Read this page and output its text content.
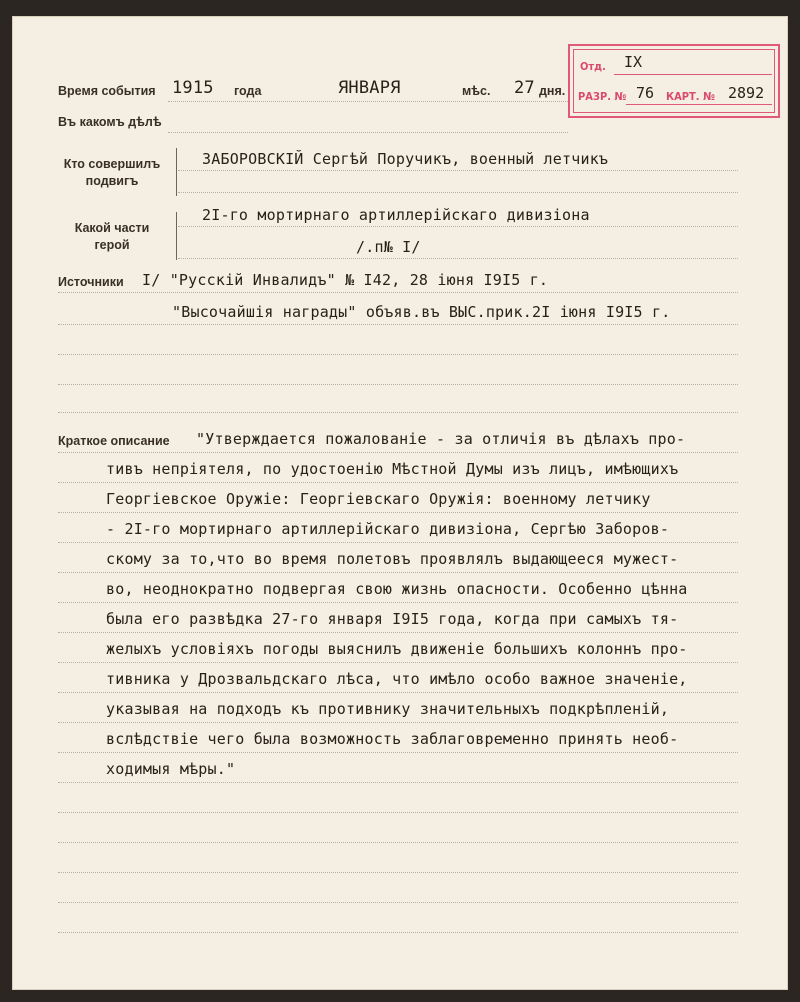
Время события 1915 года	ЯНВАРЯ	мѣс. 27 дня.
Въ какомъ дѣлѣ
Кто совершилъ подвигъ
ЗАБОРОВСКIЙ Сергѣй Поручикъ, военный летчикъ
Какой части герой
2I-го мортирнаго артиллерiйскаго дивизiона
/.п№ I/
Источники I/ "Русскiй Инвалидъ" № I42, 28 iюня I9I5 г.
"Высочайшiя награды" объяв.въ ВЫС.прик.2I iюня I9I5 г.
Краткое описание "Утверждается пожалованiе - за отличiя въ дѣлахъ про-
тивъ непрiятеля, по удостоенiю Мѣстной Думы изъ лицъ, имѣющихъ
Георгiевское Оружiе: Георгiевскаго Оружiя: военному летчику
- 2I-го мортирнаго артиллерiйскаго дивизiона, Сергѣю Заборов-
скому за то,что во время полетовъ проявлялъ выдающееся мужест-
во, неоднократно подвергая свою жизнь опасности. Особенно цѣнна
была его развѣдка 27-го января I9I5 года, когда при самыхъ тя-
желыхъ условiяхъ погоды выяснилъ движенiе большихъ колоннъ про-
тивника у Дрозвальдскаго лѣса, что имѣло особо важное значенiе,
указывая на подходъ къ противнику значительныхъ подкрѣпленiй,
вслѣдствiе чего была возможность заблаговременно принять необ-
ходимыя мѣры."
Отд. IX
РАЗР. № 76 КАРТ. № 2892
